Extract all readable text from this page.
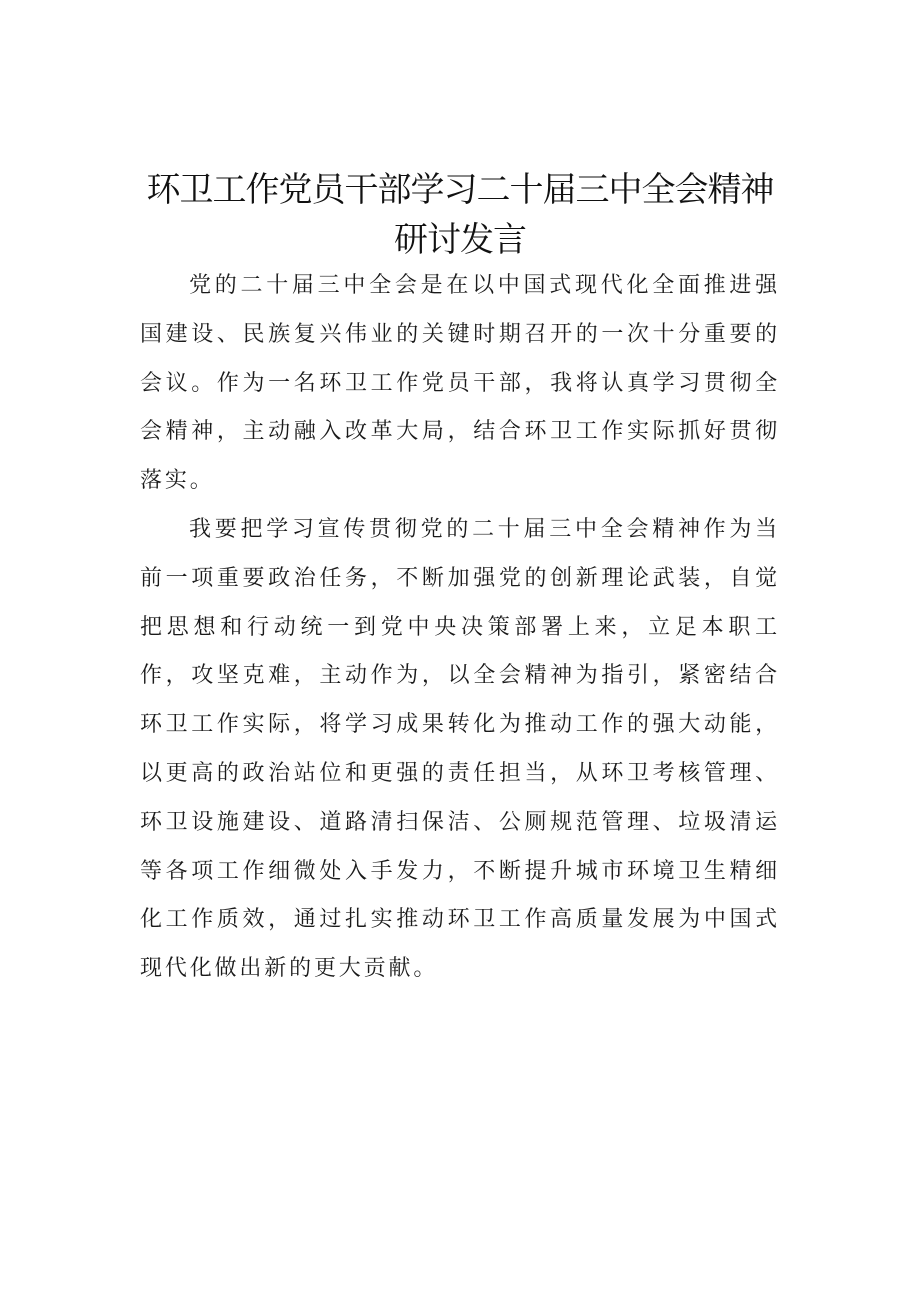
环卫工作党员干部学习二十届三中全会精神研讨发言

党的二十届三中全会是在以中国式现代化全面推进强国建设、民族复兴伟业的关键时期召开的一次十分重要的会议。作为一名环卫工作党员干部，我将认真学习贯彻全会精神，主动融入改革大局，结合环卫工作实际抓好贯彻落实。

我要把学习宣传贯彻党的二十届三中全会精神作为当前一项重要政治任务，不断加强党的创新理论武装，自觉把思想和行动统一到党中央决策部署上来，立足本职工作，攻坚克难，主动作为，以全会精神为指引，紧密结合环卫工作实际，将学习成果转化为推动工作的强大动能，以更高的政治站位和更强的责任担当，从环卫考核管理、环卫设施建设、道路清扫保洁、公厕规范管理、垃圾清运等各项工作细微处入手发力，不断提升城市环境卫生精细化工作质效，通过扎实推动环卫工作高质量发展为中国式现代化做出新的更大贡献。
